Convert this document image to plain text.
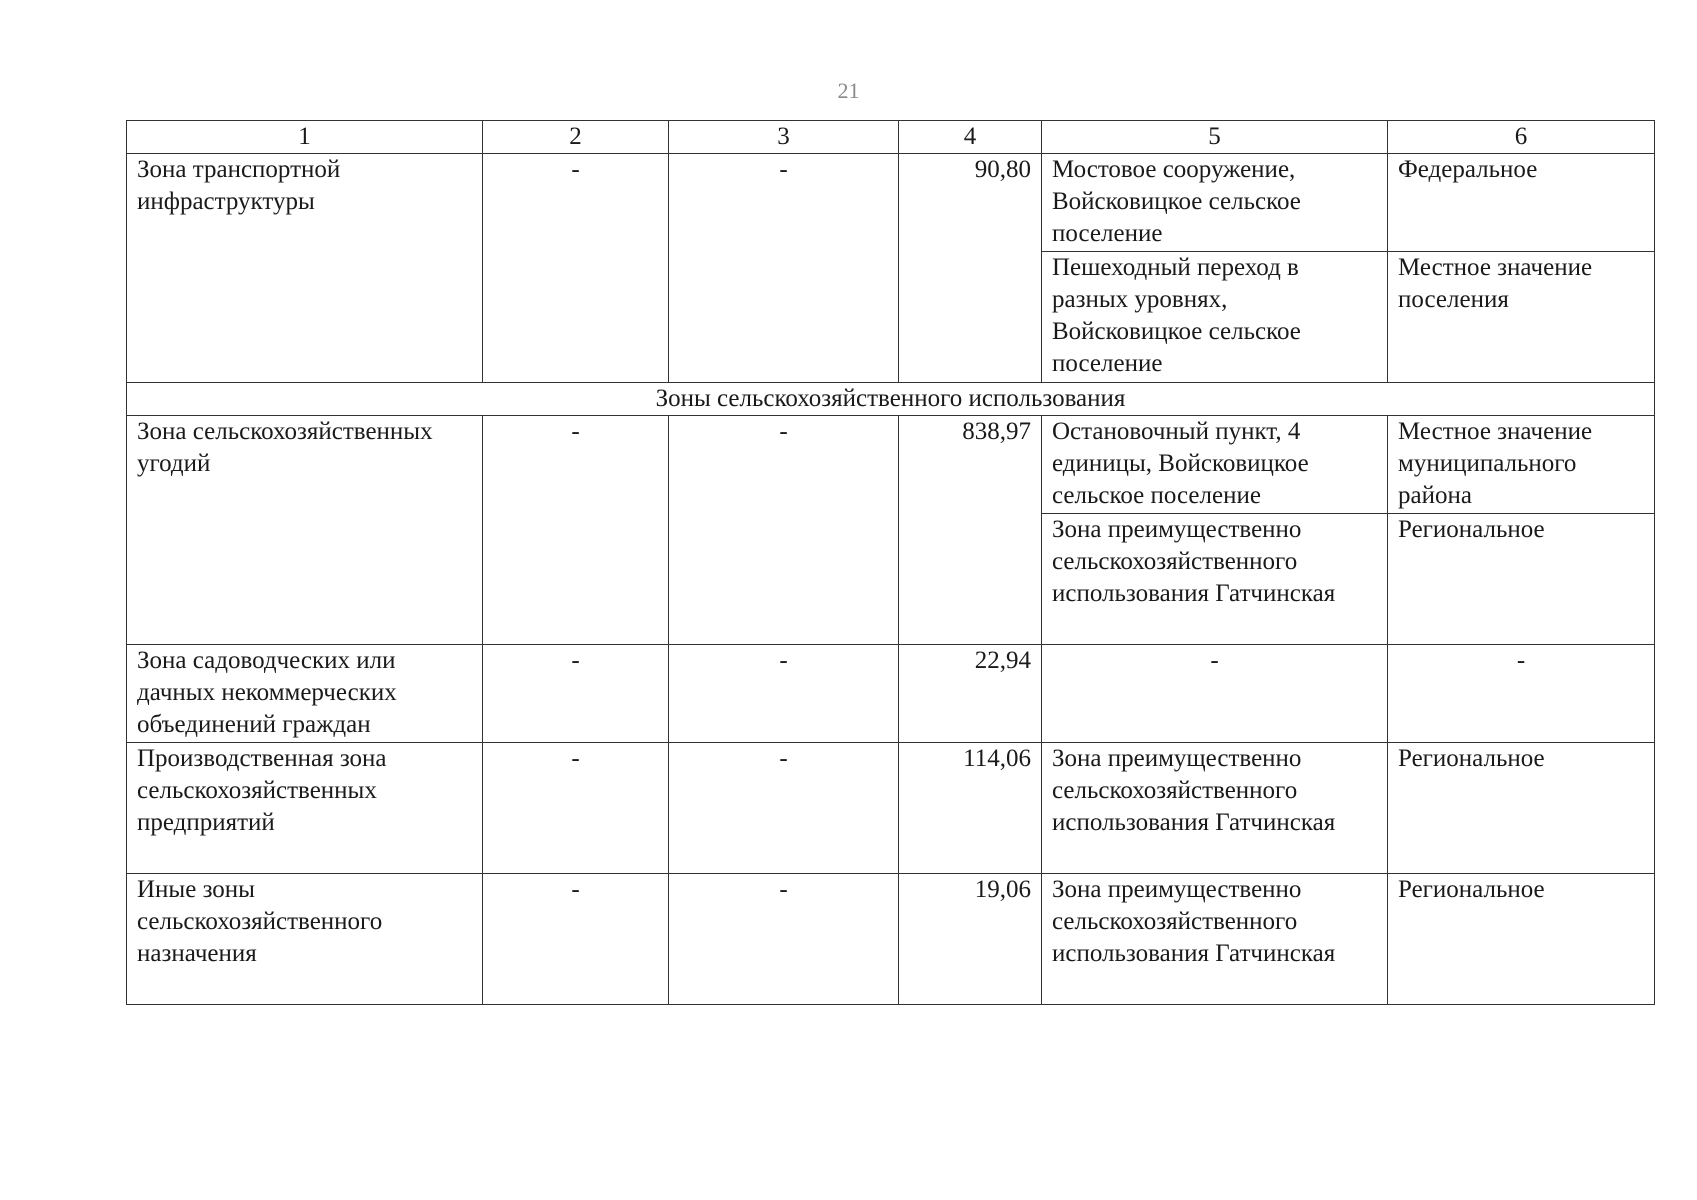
21
1	2	3	4	5	6
Зона транспортной инфраструктуры	-	-	90,80	Мостовое сооружение, Войсковицкое сельское поселение	Федеральное
				Пешеходный переход в разных уровнях, Войсковицкое сельское поселение	Местное значение поселения
Зоны сельскохозяйственного использования					
Зона сельскохозяйственных угодий	-	-	838,97	Остановочный пункт, 4 единицы, Войсковицкое сельское поселение	Местное значение муниципального района
				Зона преимущественно сельскохозяйственного использования Гатчинская	Региональное
Зона садоводческих или дачных некоммерческих объединений граждан	-	-	22,94	-	-
Производственная зона сельскохозяйственных предприятий	-	-	114,06	Зона преимущественно сельскохозяйственного использования Гатчинская	Региональное
Иные зоны сельскохозяйственного назначения	-	-	19,06	Зона преимущественно сельскохозяйственного использования Гатчинская	Региональное
